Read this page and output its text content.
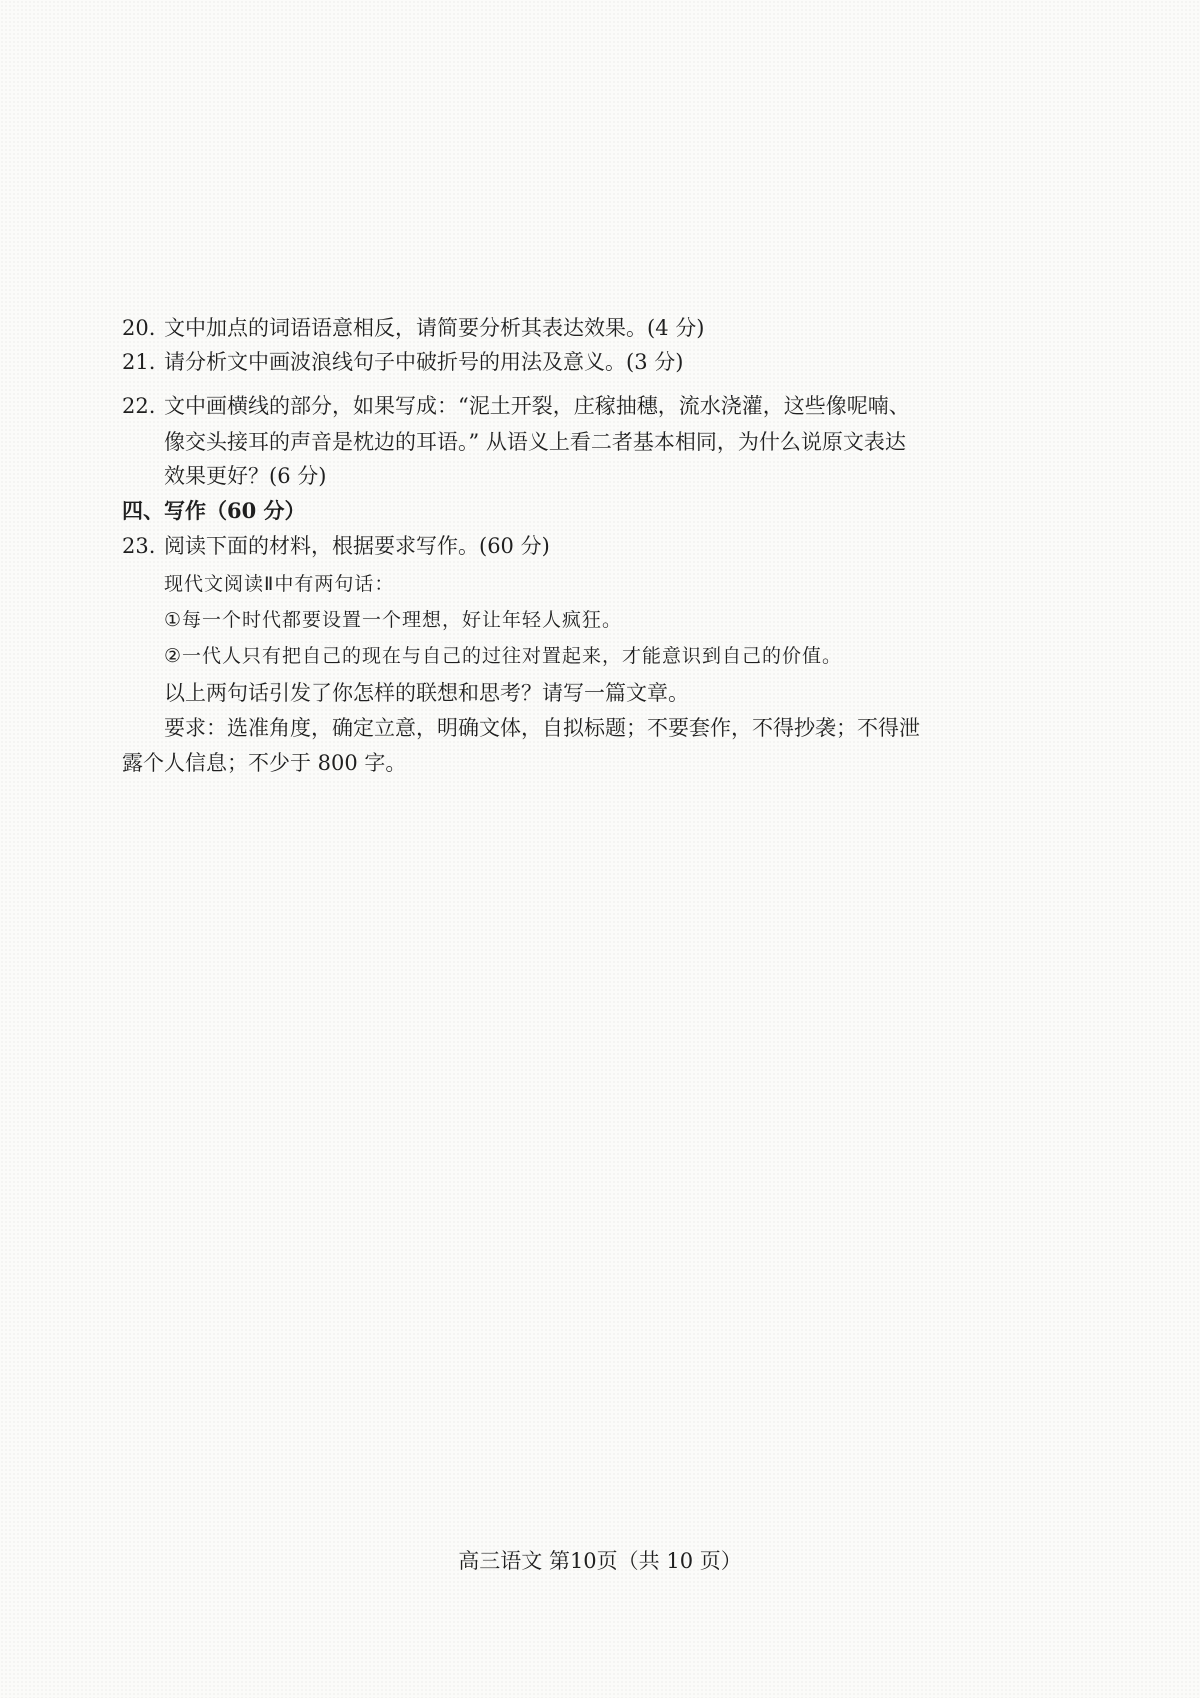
20. 文中加点的词语语意相反，请简要分析其表达效果。(4 分)
21. 请分析文中画波浪线句子中破折号的用法及意义。(3 分)
22. 文中画横线的部分，如果写成：“泥土开裂，庄稼抽穗，流水浇灌，这些像呢喃、
像交头接耳的声音是枕边的耳语。” 从语义上看二者基本相同，为什么说原文表达
效果更好？(6 分)
四、写作（60 分）
23. 阅读下面的材料，根据要求写作。(60 分)
现代文阅读Ⅱ中有两句话：
①每一个时代都要设置一个理想，好让年轻人疯狂。
②一代人只有把自己的现在与自己的过往对置起来，才能意识到自己的价值。
以上两句话引发了你怎样的联想和思考？请写一篇文章。
要求：选准角度，确定立意，明确文体，自拟标题；不要套作，不得抄袭；不得泄
露个人信息；不少于 800 字。
高三语文 第10页（共 10 页）
